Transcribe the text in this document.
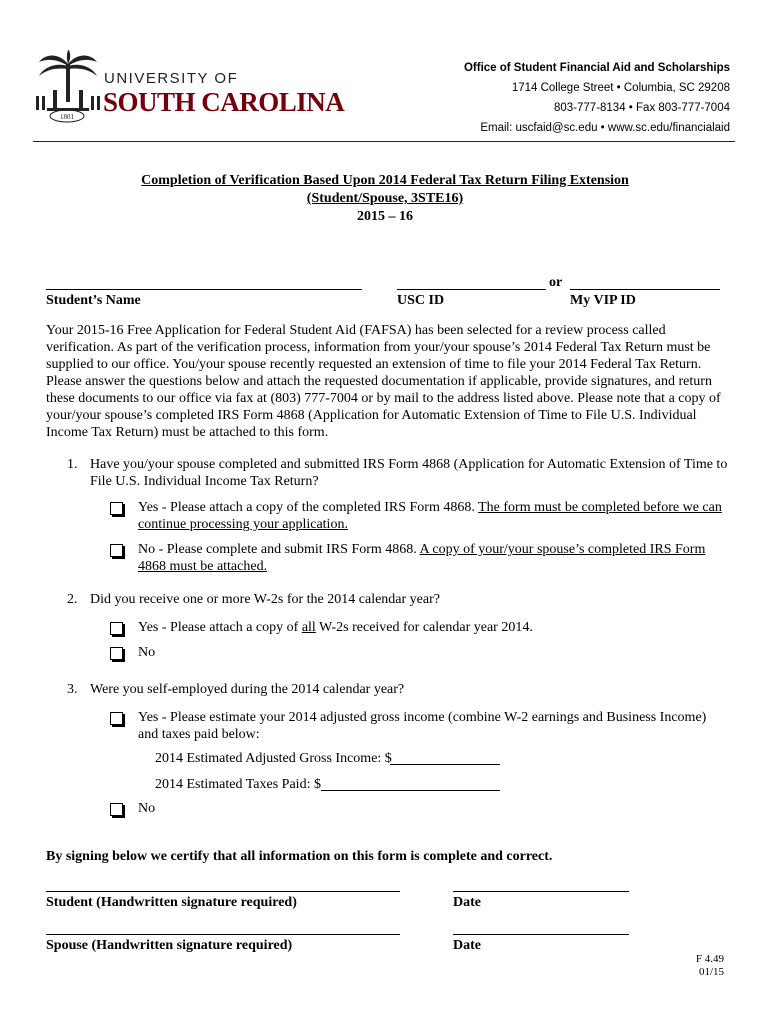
1801
UNIVERSITY OF
SOUTH CAROLINA
Office of Student Financial Aid and Scholarships
1714 College Street • Columbia, SC 29208
803-777-8134 • Fax 803-777-7004
Email: uscfaid@sc.edu • www.sc.edu/financialaid
Completion of Verification Based Upon 2014 Federal Tax Return Filing Extension
(Student/Spouse, 3STE16)
2015 – 16
or
Student’s Name	USC ID	My VIP ID
Your 2015-16 Free Application for Federal Student Aid (FAFSA) has been selected for a review process called verification. As part of the verification process, information from your/your spouse’s 2014 Federal Tax Return must be supplied to our office. You/your spouse recently requested an extension of time to file your 2014 Federal Tax Return. Please answer the questions below and attach the requested documentation if applicable, provide signatures, and return these documents to our office via fax at (803) 777-7004 or by mail to the address listed above. Please note that a copy of your/your spouse’s completed IRS Form 4868 (Application for Automatic Extension of Time to File U.S. Individual Income Tax Return) must be attached to this form.
1. Have you/your spouse completed and submitted IRS Form 4868 (Application for Automatic Extension of Time to File U.S. Individual Income Tax Return?
Yes - Please attach a copy of the completed IRS Form 4868. The form must be completed before we can continue processing your application.
No - Please complete and submit IRS Form 4868. A copy of your/your spouse’s completed IRS Form 4868 must be attached.
2. Did you receive one or more W-2s for the 2014 calendar year?
Yes - Please attach a copy of all W-2s received for calendar year 2014.
No
3. Were you self-employed during the 2014 calendar year?
Yes - Please estimate your 2014 adjusted gross income (combine W-2 earnings and Business Income) and taxes paid below:
2014 Estimated Adjusted Gross Income: $
2014 Estimated Taxes Paid: $
No
By signing below we certify that all information on this form is complete and correct.
Student (Handwritten signature required)	Date
Spouse (Handwritten signature required)	Date
F 4.49
01/15
